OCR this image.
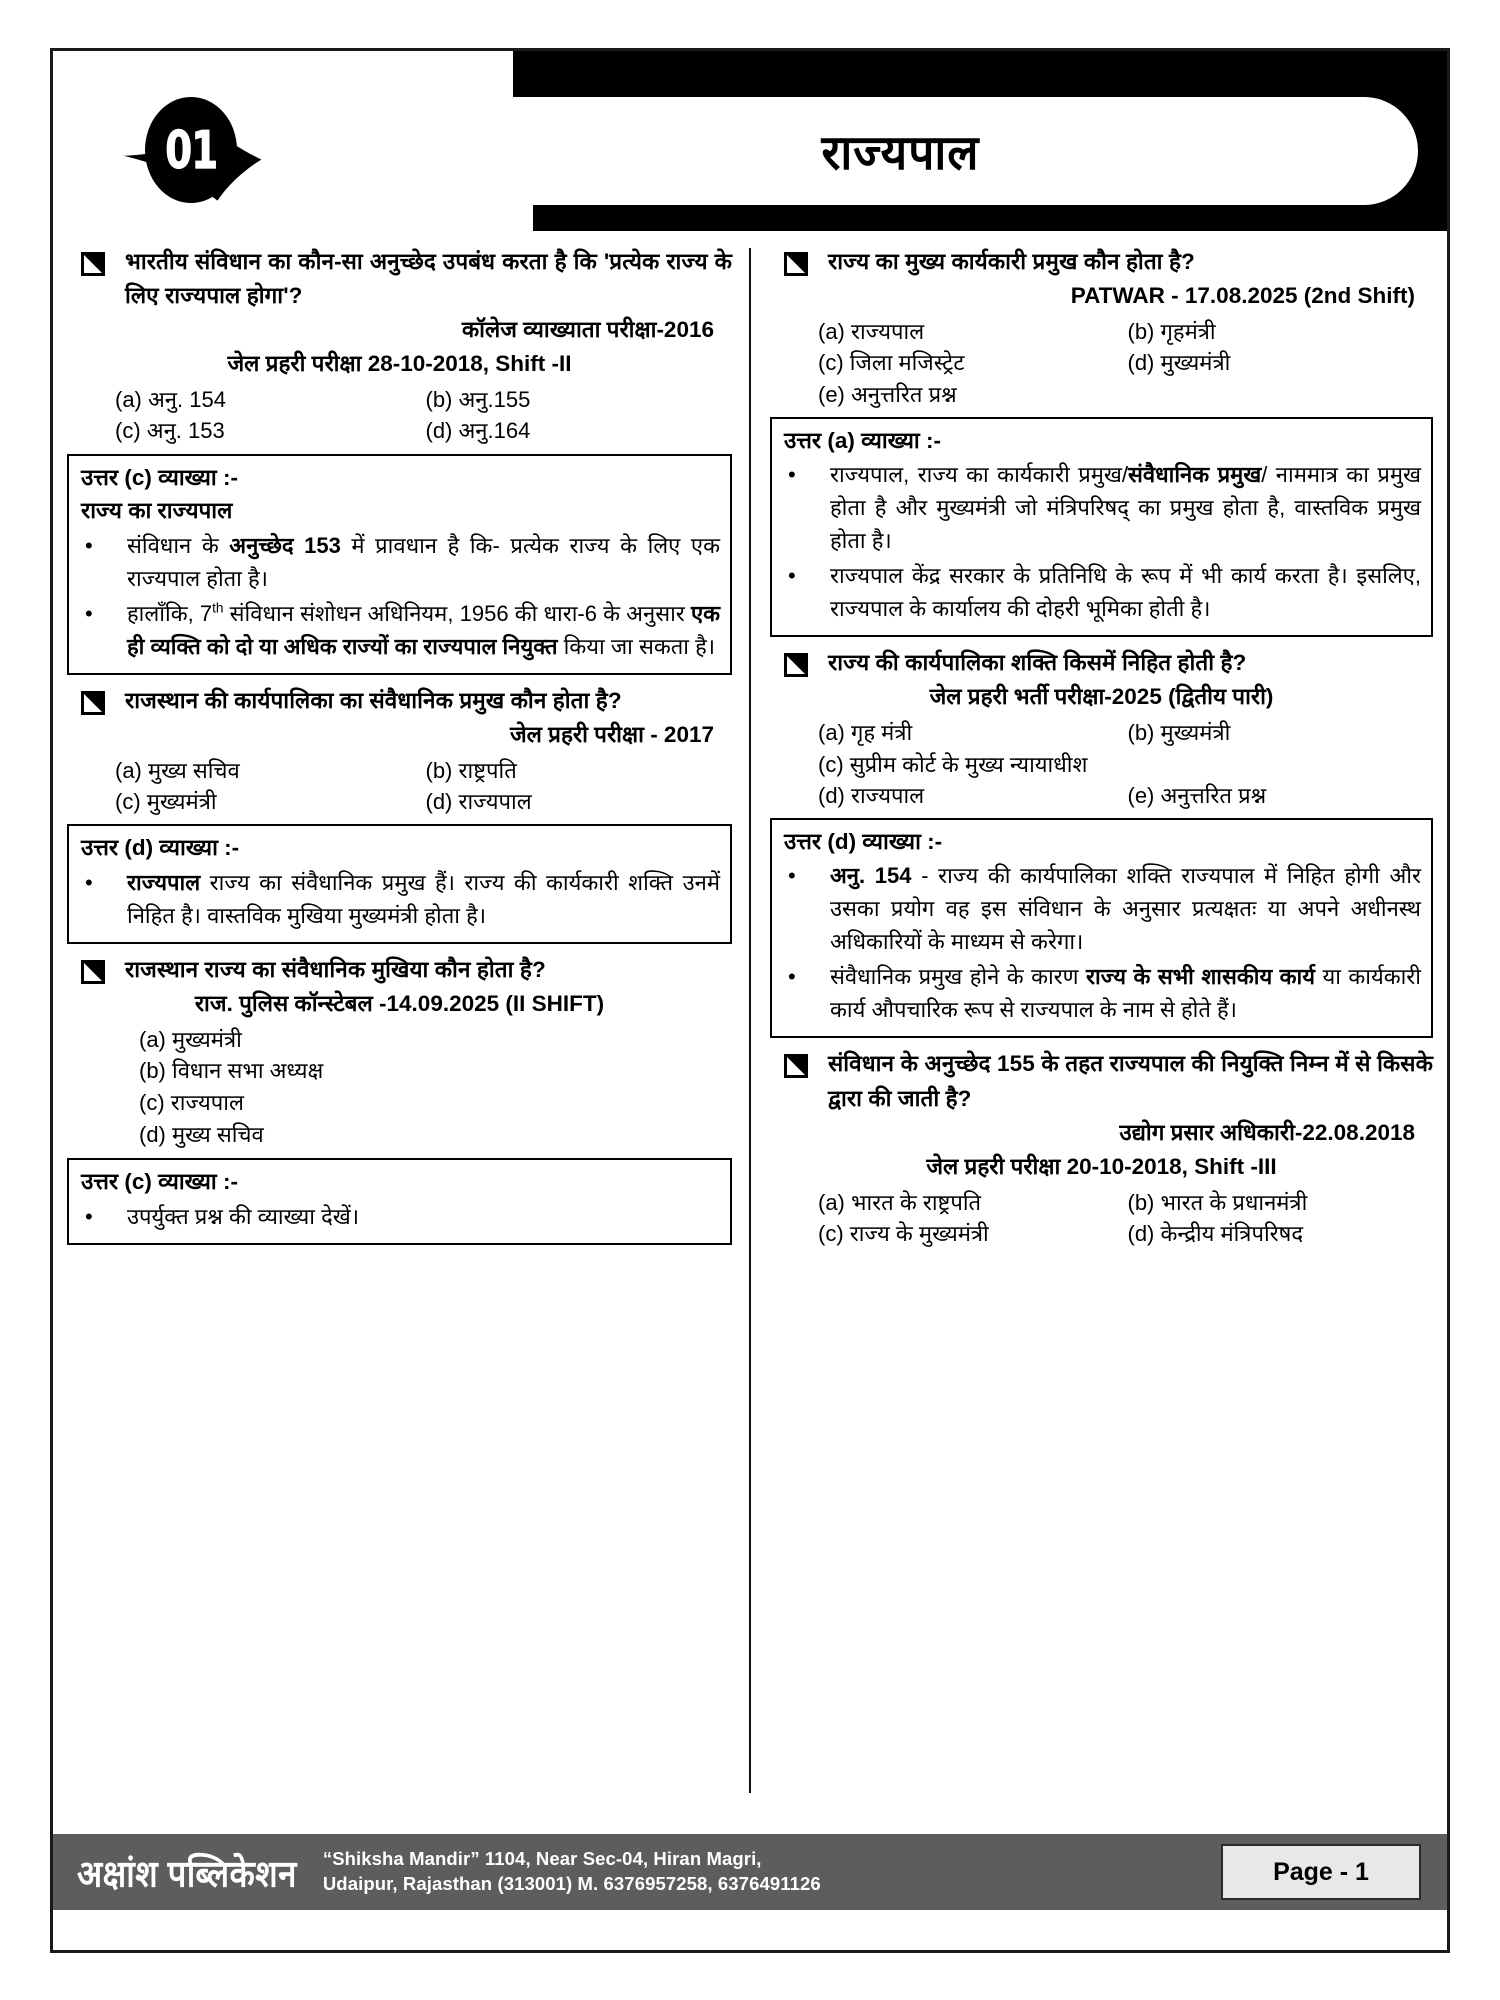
01	राज्यपाल
भारतीय संविधान का कौन-सा अनुच्छेद उपबंध करता है कि 'प्रत्येक राज्य के लिए राज्यपाल होगा'?
कॉलेज व्याख्याता परीक्षा-2016
जेल प्रहरी परीक्षा 28-10-2018, Shift -II
(a) अनु. 154	(b) अनु.155
(c) अनु. 153	(d) अनु.164
उत्तर (c) व्याख्या :-
राज्य का राज्यपाल
•	संविधान के अनुच्छेद 153 में प्रावधान है कि- प्रत्येक राज्य के लिए एक राज्यपाल होता है।
•	हालाँकि, 7th संविधान संशोधन अधिनियम, 1956 की धारा-6 के अनुसार एक ही व्यक्ति को दो या अधिक राज्यों का राज्यपाल नियुक्त किया जा सकता है।
राजस्थान की कार्यपालिका का संवैधानिक प्रमुख कौन होता है?
जेल प्रहरी परीक्षा - 2017
(a) मुख्य सचिव	(b) राष्ट्रपति
(c) मुख्यमंत्री	(d) राज्यपाल
उत्तर (d) व्याख्या :-
•	राज्यपाल राज्य का संवैधानिक प्रमुख हैं। राज्य की कार्यकारी शक्ति उनमें निहित है। वास्तविक मुखिया मुख्यमंत्री होता है।
राजस्थान राज्य का संवैधानिक मुखिया कौन होता है?
राज. पुलिस कॉन्स्टेबल -14.09.2025 (II SHIFT)
(a) मुख्यमंत्री
(b) विधान सभा अध्यक्ष
(c) राज्यपाल
(d) मुख्य सचिव
उत्तर (c) व्याख्या :-
•	उपर्युक्त प्रश्न की व्याख्या देखें।
राज्य का मुख्य कार्यकारी प्रमुख कौन होता है?
PATWAR - 17.08.2025 (2nd Shift)
(a) राज्यपाल	(b) गृहमंत्री
(c) जिला मजिस्ट्रेट	(d) मुख्यमंत्री
(e) अनुत्तरित प्रश्न
उत्तर (a) व्याख्या :-
•	राज्यपाल, राज्य का कार्यकारी प्रमुख/संवैधानिक प्रमुख/ नाममात्र का प्रमुख होता है और मुख्यमंत्री जो मंत्रिपरिषद् का प्रमुख होता है, वास्तविक प्रमुख होता है।
•	राज्यपाल केंद्र सरकार के प्रतिनिधि के रूप में भी कार्य करता है। इसलिए, राज्यपाल के कार्यालय की दोहरी भूमिका होती है।
राज्य की कार्यपालिका शक्ति किसमें निहित होती है?
जेल प्रहरी भर्ती परीक्षा-2025 (द्वितीय पारी)
(a) गृह मंत्री	(b) मुख्यमंत्री
(c) सुप्रीम कोर्ट के मुख्य न्यायाधीश
(d) राज्यपाल	(e) अनुत्तरित प्रश्न
उत्तर (d) व्याख्या :-
•	अनु. 154 - राज्य की कार्यपालिका शक्ति राज्यपाल में निहित होगी और उसका प्रयोग वह इस संविधान के अनुसार प्रत्यक्षतः या अपने अधीनस्थ अधिकारियों के माध्यम से करेगा।
•	संवैधानिक प्रमुख होने के कारण राज्य के सभी शासकीय कार्य या कार्यकारी कार्य औपचारिक रूप से राज्यपाल के नाम से होते हैं।
संविधान के अनुच्छेद 155 के तहत राज्यपाल की नियुक्ति निम्न में से किसके द्वारा की जाती है?
उद्योग प्रसार अधिकारी-22.08.2018
जेल प्रहरी परीक्षा 20-10-2018, Shift -III
(a) भारत के राष्ट्रपति	(b) भारत के प्रधानमंत्री
(c) राज्य के मुख्यमंत्री	(d) केन्द्रीय मंत्रिपरिषद
अक्षांश पब्लिकेशन “Shiksha Mandir” 1104, Near Sec-04, Hiran Magri,
Udaipur, Rajasthan (313001) M. 6376957258, 6376491126	Page - 1
